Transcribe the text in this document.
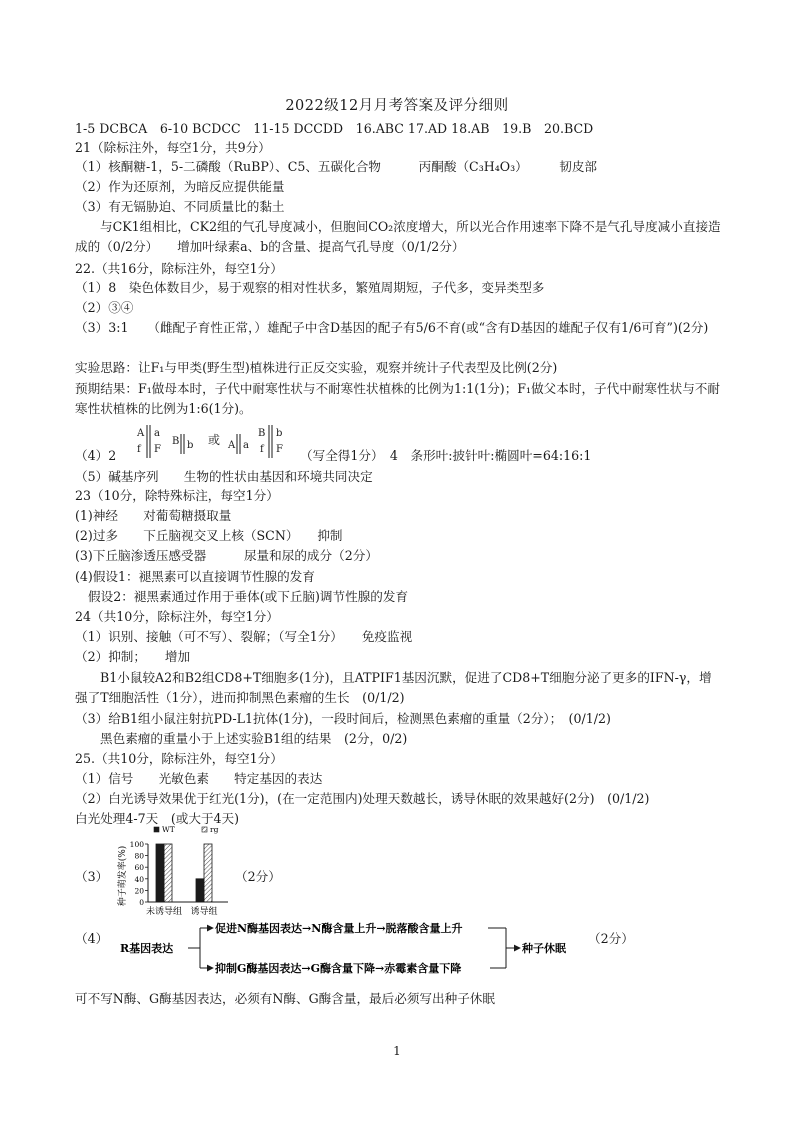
2022级12月月考答案及评分细则
1-5 DCBCA　6-10 BCDCC　11-15 DCCDD　16.ABC 17.AD 18.AB　19.B　20.BCD
21（除标注外，每空1分，共9分）
（1）核酮糖-1，5-二磷酸（RuBP）、C5、五碳化合物　　　丙酮酸（C₃H₄O₃）　　　韧皮部
（2）作为还原剂，为暗反应提供能量
（3）有无镉胁迫、不同质量比的黏土
与CK1组相比，CK2组的气孔导度减小，但胞间CO₂浓度增大，所以光合作用速率下降不是气孔导度减小直接造成的（0/2分）　　增加叶绿素a、b的含量、提高气孔导度（0/1/2分）
22.（共16分，除标注外，每空1分）
（1）8　染色体数目少，易于观察的相对性状多，繁殖周期短，子代多，变异类型多
（2）③④
（3）3:1　　（雌配子育性正常，）雄配子中含D基因的配子有5/6不育(或“含有D基因的雄配子仅有1/6可育”)(2分)
实验思路：让F₁与甲类(野生型)植株进行正反交实验，观察并统计子代表型及比例(2分)
预期结果：F₁做母本时，子代中耐寒性状与不耐寒性状植株的比例为1:1(1分)；F₁做父本时，子代中耐寒性状与不耐寒性状植株的比例为1:6(1分)。
（4）2
A
f
a
F
B b 或 A a
B
f
b
F （写全得1分）　4　条形叶:披针叶:椭圆叶=64:16:1
（5）碱基序列　　生物的性状由基因和环境共同决定
23（10分，除特殊标注，每空1分）
(1)神经　　对葡萄糖摄取量
(2)过多　　下丘脑视交叉上核（SCN）　　抑制
(3)下丘脑渗透压感受器　　　尿量和尿的成分（2分）
(4)假设1：褪黑素可以直接调节性腺的发育
假设2：褪黑素通过作用于垂体(或下丘脑)调节性腺的发育
24（共10分，除标注外，每空1分）
（1）识别、接触（可不写）、裂解；（写全1分）　　免疫监视
（2）抑制；　　增加
B1小鼠较A2和B2组CD8+T细胞多(1分)，且ATPIF1基因沉默，促进了CD8+T细胞分泌了更多的IFN-γ，增强了T细胞活性（1分），进而抑制黑色素瘤的生长　(0/1/2)
（3）给B1组小鼠注射抗PD-L1抗体(1分)，一段时间后，检测黑色素瘤的重量（2分）；　(0/1/2)
黑色素瘤的重量小于上述实验B1组的结果　(2分，0/2)
25.（共10分，除标注外，每空1分）
（1）信号　　光敏色素　　特定基因的表达
（2）白光诱导效果优于红光(1分)，(在一定范围内)处理天数越长，诱导休眠的效果越好(2分)　(0/1/2)
白光处理4-7天　(或大于4天)
（3）	（2分）
种子萌发率(%) 0
20
40
60
80
100
未诱导组 诱导组
WT	rg
（4）
R基因表达
促进N酶基因表达→N酶含量上升→脱落酸含量上升
抑制G酶基因表达→G酶含量下降→赤霉素含量下降
种子休眠
（2分）
可不写N酶、G酶基因表达，必须有N酶、G酶含量，最后必须写出种子休眠
1
